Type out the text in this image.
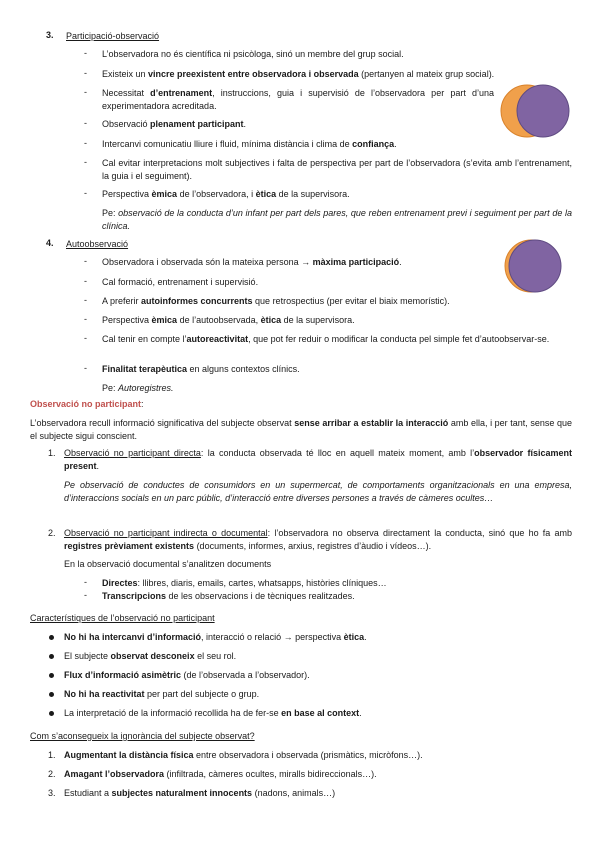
3. Participació-observació
- L’observadora no és científica ni psicòloga, sinó un membre del grup social.
- Existeix un vincre preexistent entre observadora i observada (pertanyen al mateix grup social).
- Necessitat d’entrenament, instruccions, guia i supervisió de l’observadora per part d’una experimentadora acreditada.
- Observació plenament participant.
- Intercanvi comunicatiu lliure i fluid, mínima distància i clima de confiança.
- Cal evitar interpretacions molt subjectives i falta de perspectiva per part de l’observadora (s’evita amb l’entrenament, la guia i el seguiment).
- Perspectiva èmica de l’observadora, i ètica de la supervisora.
Pe: observació de la conducta d’un infant per part dels pares, que reben entrenament previ i seguiment per part de la clínica.
4. Autoobservació
- Observadora i observada són la mateixa persona → màxima participació.
- Cal formació, entrenament i supervisió.
- A preferir autoinformes concurrents que retrospectius (per evitar el biaix memorístic).
- Perspectiva èmica de l’autoobservada, ètica de la supervisora.
- Cal tenir en compte l’autoreactivitat, que pot fer reduir o modificar la conducta pel simple fet d’autoobservar-se.
- Finalitat terapèutica en alguns contextos clínics.
Pe: Autoregistres.
Observació no participant:
L’observadora recull informació significativa del subjecte observat sense arribar a establir la interacció amb ella, i per tant, sense que el subjecte sigui conscient.
1. Observació no participant directa: la conducta observada té lloc en aquell mateix moment, amb l’observador físicament present.
Pe observació de conductes de consumidors en un supermercat, de comportaments organitzacionals en una empresa, d’interaccions socials en un parc públic, d’interacció entre diverses persones a través de càmeres ocultes…
2. Observació no participant indirecta o documental: l’observadora no observa directament la conducta, sinó que ho fa amb registres prèviament existents (documents, informes, arxius, registres d’àudio i vídeos…).
En la observació documental s’analitzen documents
- Directes: llibres, diaris, emails, cartes, whatsapps, històries clíniques…
- Transcripcions de les observacions i de tècniques realitzades.
Característiques de l’observació no participant
No hi ha intercanvi d’informació, interacció o relació → perspectiva ètica.
El subjecte observat desconeix el seu rol.
Flux d’informació asimètric (de l’observada a l’observador).
No hi ha reactivitat per part del subjecte o grup.
La interpretació de la informació recollida ha de fer-se en base al context.
Com s’aconsegueix la ignorància del subjecte observat?
1. Augmentant la distància física entre observadora i observada (prismàtics, micròfons…).
2. Amagant l’observadora (infiltrada, càmeres ocultes, miralls bidireccionals…).
3. Estudiant a subjectes naturalment innocents (nadons, animals…)
